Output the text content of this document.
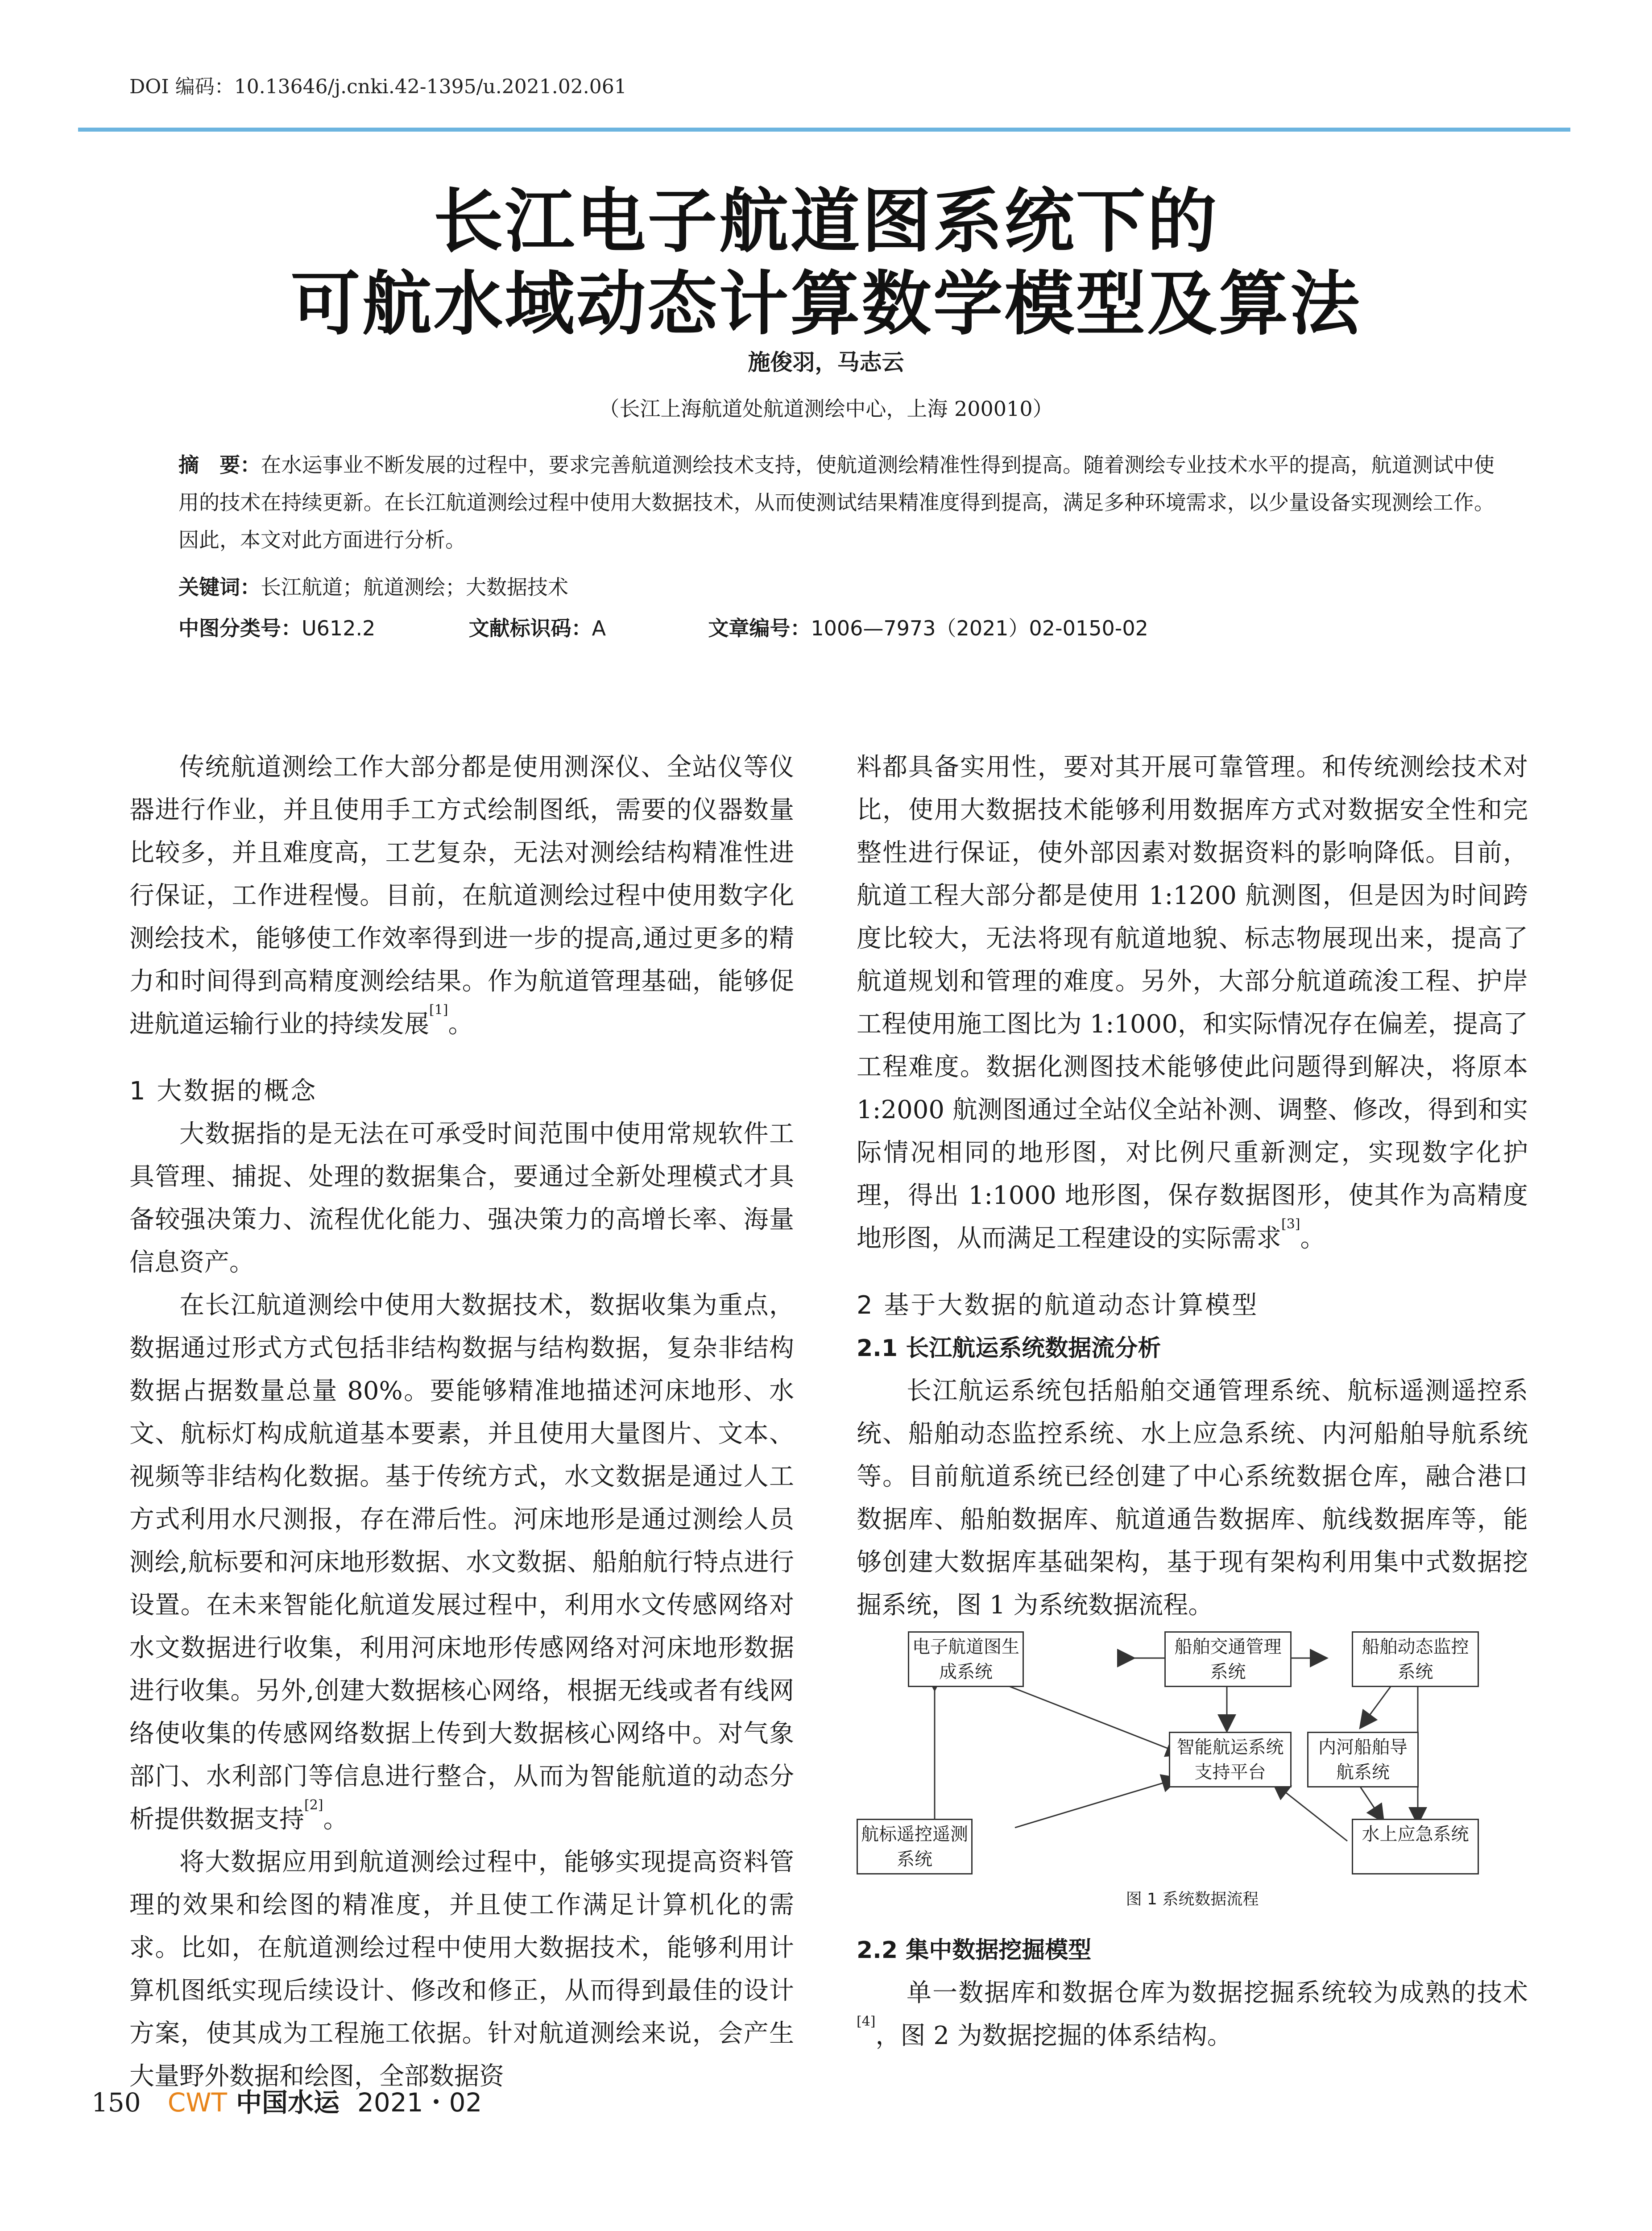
DOI 编码：10.13646/j.cnki.42-1395/u.2021.02.061
长江电子航道图系统下的
可航水域动态计算数学模型及算法
施俊羽，马志云
（长江上海航道处航道测绘中心，上海 200010）
摘　要：在水运事业不断发展的过程中，要求完善航道测绘技术支持，使航道测绘精准性得到提高。随着测绘专业技术水平的提高，航道测试中使用的技术在持续更新。在长江航道测绘过程中使用大数据技术，从而使测试结果精准度得到提高，满足多种环境需求，以少量设备实现测绘工作。因此，本文对此方面进行分析。
关键词：长江航道；航道测绘；大数据技术
中图分类号：U612.2	文献标识码：A	文章编号：1006—7973（2021）02-0150-02

传统航道测绘工作大部分都是使用测深仪、全站仪等仪器进行作业，并且使用手工方式绘制图纸，需要的仪器数量比较多，并且难度高，工艺复杂，无法对测绘结构精准性进行保证，工作进程慢。目前，在航道测绘过程中使用数字化测绘技术，能够使工作效率得到进一步的提高,通过更多的精力和时间得到高精度测绘结果。作为航道管理基础，能够促进航道运输行业的持续发展[1]。

1 大数据的概念

大数据指的是无法在可承受时间范围中使用常规软件工具管理、捕捉、处理的数据集合，要通过全新处理模式才具备较强决策力、流程优化能力、强决策力的高增长率、海量信息资产。

在长江航道测绘中使用大数据技术，数据收集为重点，数据通过形式方式包括非结构数据与结构数据，复杂非结构数据占据数量总量 80%。要能够精准地描述河床地形、水文、航标灯构成航道基本要素，并且使用大量图片、文本、视频等非结构化数据。基于传统方式，水文数据是通过人工方式利用水尺测报，存在滞后性。河床地形是通过测绘人员测绘,航标要和河床地形数据、水文数据、船舶航行特点进行设置。在未来智能化航道发展过程中，利用水文传感网络对水文数据进行收集，利用河床地形传感网络对河床地形数据进行收集。另外,创建大数据核心网络，根据无线或者有线网络使收集的传感网络数据上传到大数据核心网络中。对气象部门、水利部门等信息进行整合，从而为智能航道的动态分析提供数据支持[2]。

将大数据应用到航道测绘过程中，能够实现提高资料管理的效果和绘图的精准度，并且使工作满足计算机化的需求。比如，在航道测绘过程中使用大数据技术，能够利用计算机图纸实现后续设计、修改和修正，从而得到最佳的设计方案，使其成为工程施工依据。针对航道测绘来说，会产生大量野外数据和绘图，全部数据资

料都具备实用性，要对其开展可靠管理。和传统测绘技术对比，使用大数据技术能够利用数据库方式对数据安全性和完整性进行保证，使外部因素对数据资料的影响降低。目前，航道工程大部分都是使用 1:1200 航测图，但是因为时间跨度比较大，无法将现有航道地貌、标志物展现出来，提高了航道规划和管理的难度。另外，大部分航道疏浚工程、护岸工程使用施工图比为 1:1000，和实际情况存在偏差，提高了工程难度。数据化测图技术能够使此问题得到解决，将原本 1:2000 航测图通过全站仪全站补测、调整、修改，得到和实际情况相同的地形图，对比例尺重新测定，实现数字化护理，得出 1:1000 地形图，保存数据图形，使其作为高精度地形图，从而满足工程建设的实际需求[3]。

2 基于大数据的航道动态计算模型
2.1 长江航运系统数据流分析

长江航运系统包括船舶交通管理系统、航标遥测遥控系统、船舶动态监控系统、水上应急系统、内河船舶导航系统等。目前航道系统已经创建了中心系统数据仓库，融合港口数据库、船舶数据库、航道通告数据库、航线数据库等，能够创建大数据库基础架构，基于现有架构利用集中式数据挖掘系统，图 1 为系统数据流程。

电子航道图生成系统
船舶交通管理系统
船舶动态监控系统
智能航运系统支持平台
内河船舶导航系统
航标遥控遥测系统
水上应急系统
图 1 系统数据流程
2.2 集中数据挖掘模型

单一数据库和数据仓库为数据挖掘系统较为成熟的技术[4]，图 2 为数据挖掘的体系结构。

150 CWT 中国水运 2021・02
